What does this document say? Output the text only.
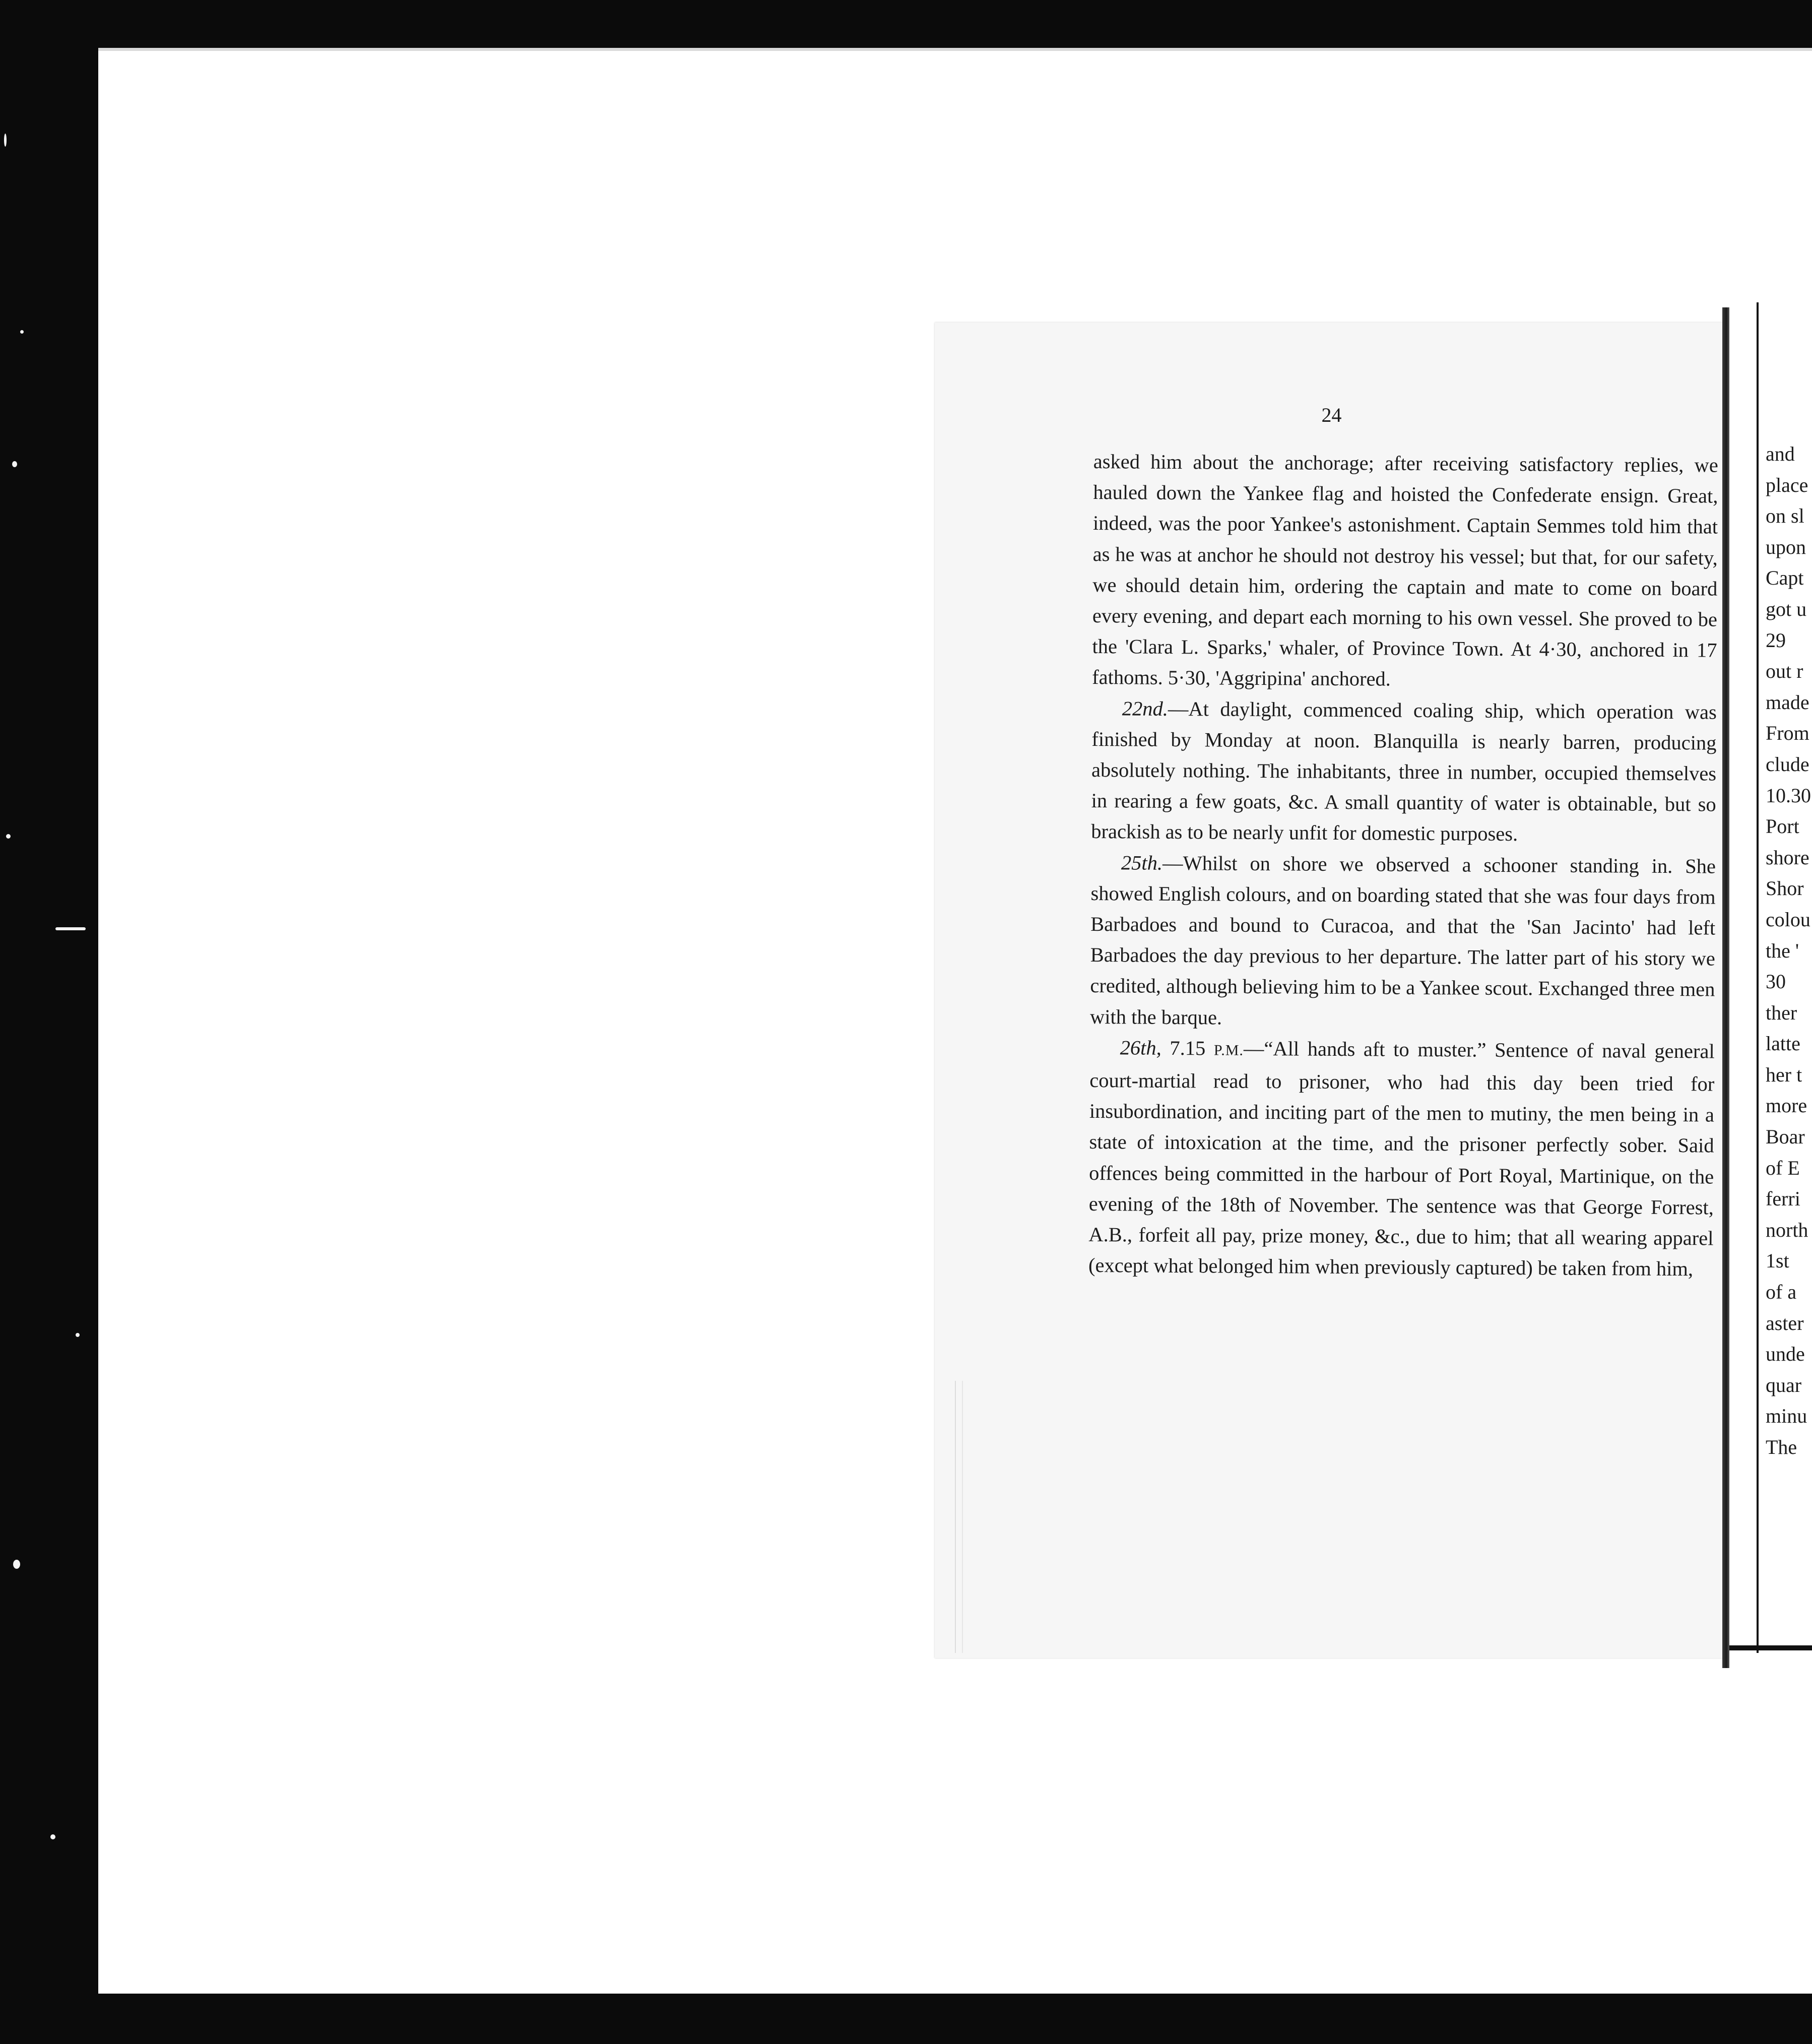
24

asked him about the anchorage; after receiving satisfactory replies, we hauled down the Yankee flag and hoisted the Confederate ensign. Great, indeed, was the poor Yankee's astonishment. Captain Semmes told him that as he was at anchor he should not destroy his vessel; but that, for our safety, we should detain him, ordering the captain and mate to come on board every evening, and depart each morning to his own vessel. She proved to be the 'Clara L. Sparks,' whaler, of Province Town. At 4·30, anchored in 17 fathoms. 5·30, 'Aggripina' anchored.

22nd.—At daylight, commenced coaling ship, which operation was finished by Monday at noon. Blanquilla is nearly barren, producing absolutely nothing. The inhabitants, three in number, occupied themselves in rearing a few goats, &c. A small quantity of water is obtainable, but so brackish as to be nearly unfit for domestic purposes.

25th.—Whilst on shore we observed a schooner standing in. She showed English colours, and on boarding stated that she was four days from Barbadoes and bound to Curacoa, and that the 'San Jacinto' had left Barbadoes the day previous to her departure. The latter part of his story we credited, although believing him to be a Yankee scout. Exchanged three men with the barque.

26th, 7.15 P.M.—“All hands aft to muster.” Sentence of naval general court-martial read to prisoner, who had this day been tried for insubordination, and inciting part of the men to mutiny, the men being in a state of intoxication at the time, and the prisoner perfectly sober. Said offences being committed in the harbour of Port Royal, Martinique, on the evening of the 18th of November. The sentence was that George Forrest, A.B., forfeit all pay, prize money, &c., due to him; that all wearing apparel (except what belonged him when previously captured) be taken from him,

and
place
on sl
upon
Capt
got u
29
out r
made
From
clude
10.30
Port
shore
Shor
colou
the '
30
ther
latte
her t
more
Boar
of E
ferri
north
1st
of a
aster
unde
quar
minu
The
